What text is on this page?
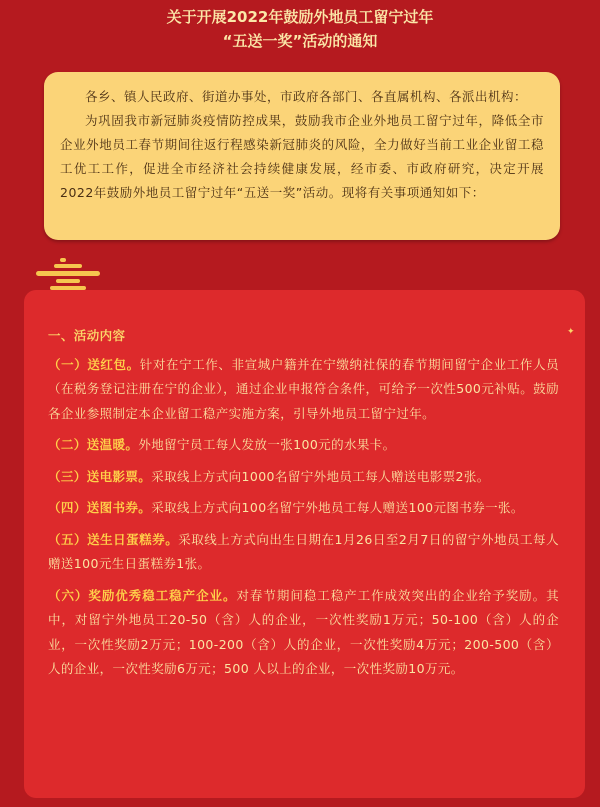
关于开展2022年鼓励外地员工留宁过年
“五送一奖”活动的通知

各乡、镇人民政府、街道办事处，市政府各部门、各直属机构、各派出机构：

为巩固我市新冠肺炎疫情防控成果，鼓励我市企业外地员工留宁过年，降低全市企业外地员工春节期间往返行程感染新冠肺炎的风险，全力做好当前工业企业留工稳工优工工作，促进全市经济社会持续健康发展，经市委、市政府研究，决定开展2022年鼓励外地员工留宁过年“五送一奖”活动。现将有关事项通知如下：

✦

一、活动内容

（一）送红包。针对在宁工作、非宣城户籍并在宁缴纳社保的春节期间留宁企业工作人员（在税务登记注册在宁的企业），通过企业申报符合条件，可给予一次性500元补贴。鼓励各企业参照制定本企业留工稳产实施方案，引导外地员工留宁过年。

（二）送温暖。外地留宁员工每人发放一张100元的水果卡。

（三）送电影票。采取线上方式向1000名留宁外地员工每人赠送电影票2张。

（四）送图书券。采取线上方式向100名留宁外地员工每人赠送100元图书券一张。

（五）送生日蛋糕券。采取线上方式向出生日期在1月26日至2月7日的留宁外地员工每人赠送100元生日蛋糕券1张。

（六）奖励优秀稳工稳产企业。对春节期间稳工稳产工作成效突出的企业给予奖励。其中，对留宁外地员工20-50（含）人的企业，一次性奖励1万元；50-100（含）人的企业，一次性奖励2万元；100-200（含）人的企业，一次性奖励4万元；200-500（含）人的企业，一次性奖励6万元；500 人以上的企业，一次性奖励10万元。
